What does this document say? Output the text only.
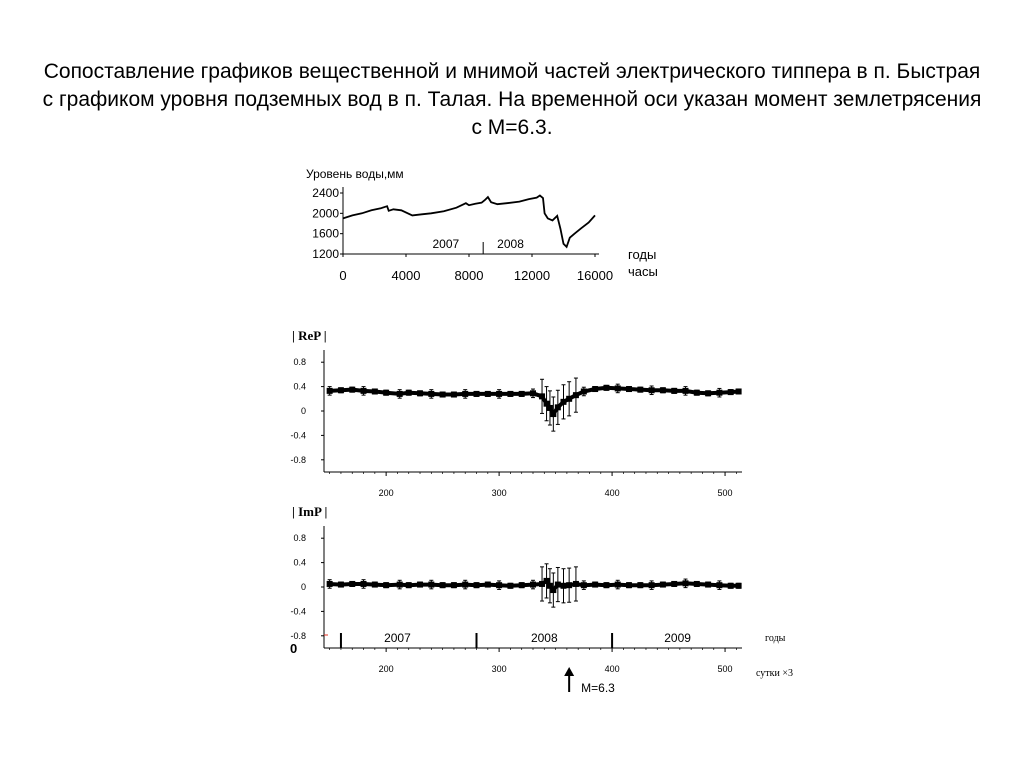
Сопоставление графиков вещественной и мнимой частей электрического типпера в п. Быстрая с графиком уровня подземных вод в п. Талая. На временной оси указан момент землетрясения с М=6.3.
Уровень воды,мм
2400
2000
1600
1200
0	4000	8000 12000 16000
2007	2008
годы
часы
| ReP |
0.8
0.4
0
-0.4
-0.8
200	300	400	500
| ImP |
0.8
0.4
0
-0.4
-0.8
200	300	400	500
0
2007	2008	2009	годы
сутки ×3
М=6.3
